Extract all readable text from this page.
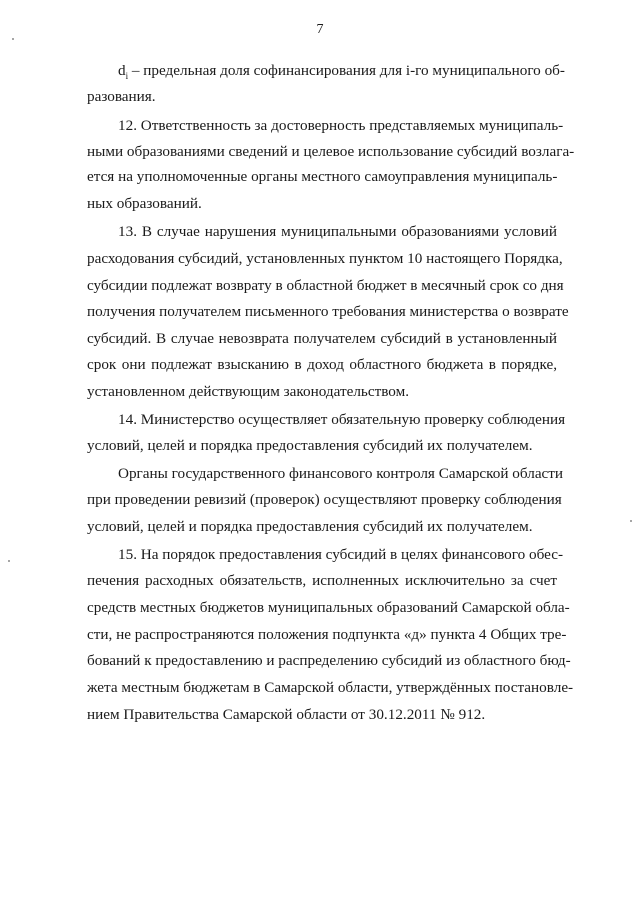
7
$d_i$ – предельная доля софинансирования для i-го муниципального об-
разования.
12. Ответственность за достоверность представляемых муниципаль-
ными образованиями сведений и целевое использование субсидий возлага-
ется на уполномоченные органы местного самоуправления муниципаль-
ных образований.
13. В случае нарушения муниципальными образованиями условий
расходования субсидий, установленных пунктом 10 настоящего Порядка,
субсидии подлежат возврату в областной бюджет в месячный срок со дня
получения получателем письменного требования министерства о возврате
субсидий. В случае невозврата получателем субсидий в установленный
срок они подлежат взысканию в доход областного бюджета в порядке,
установленном действующим законодательством.
14. Министерство осуществляет обязательную проверку соблюдения
условий, целей и порядка предоставления субсидий их получателем.
Органы государственного финансового контроля Самарской области
при проведении ревизий (проверок) осуществляют проверку соблюдения
условий, целей и порядка предоставления субсидий их получателем.
15. На порядок предоставления субсидий в целях финансового обес-
печения расходных обязательств, исполненных исключительно за счет
средств местных бюджетов муниципальных образований Самарской обла-
сти, не распространяются положения подпункта «д» пункта 4 Общих тре-
бований к предоставлению и распределению субсидий из областного бюд-
жета местным бюджетам в Самарской области, утверждённых постановле-
нием Правительства Самарской области от 30.12.2011 № 912.
